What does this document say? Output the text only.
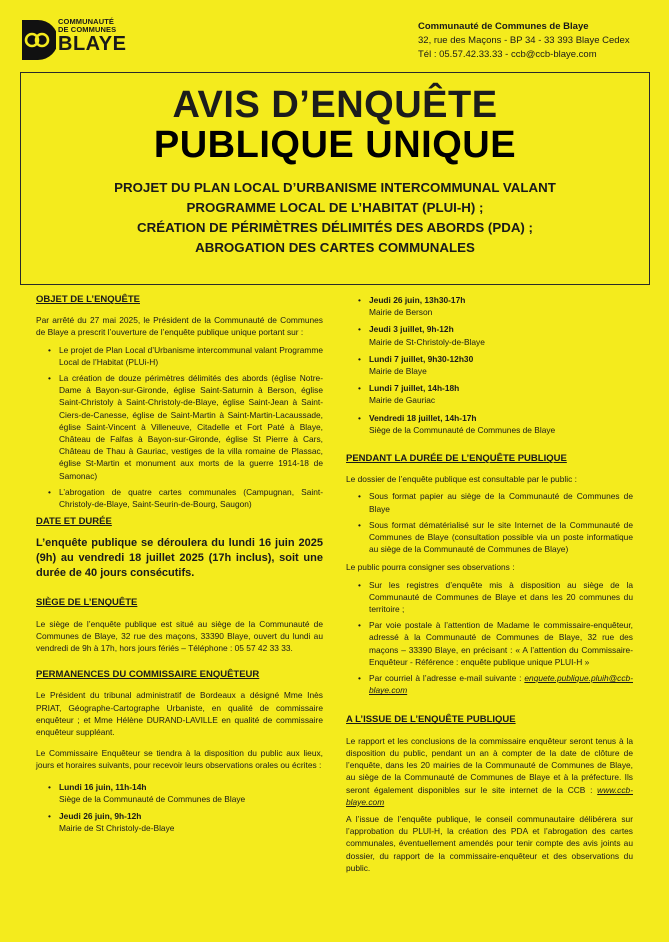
COMMUNAUTÉ
DE COMMUNES
BLAYE
Communauté de Communes de Blaye
32, rue des Maçons - BP 34 - 33 393 Blaye Cedex
Tél : 05.57.42.33.33 - ccb@ccb-blaye.com
AVIS D’ENQUÊTE
PUBLIQUE UNIQUE
PROJET DU PLAN LOCAL D’URBANISME INTERCOMMUNAL VALANT
PROGRAMME LOCAL DE L’HABITAT (PLUI-H) ;
CRÉATION DE PÉRIMÈTRES DÉLIMITÉS DES ABORDS (PDA) ;
ABROGATION DES CARTES COMMUNALES
OBJET DE L’ENQUÊTE
Par arrêté du 27 mai 2025, le Président de la Communauté de Communes de Blaye a prescrit l’ouverture de l’enquête publique unique portant sur :
• Le projet de Plan Local d’Urbanisme intercommunal valant Programme Local de l’Habitat (PLUi-H)
• La création de douze périmètres délimités des abords (église Notre-Dame à Bayon-sur-Gironde, église Saint-Saturnin à Berson, église Saint-Christoly à Saint-Christoly-de-Blaye, église Saint-Jean à Saint-Ciers-de-Canesse, église de Saint-Martin à Saint-Martin-Lacaussade, église Saint-Vincent à Villeneuve, Citadelle et Fort Paté à Blaye, Château de Falfas à Bayon-sur-Gironde, église St Pierre à Cars, Château de Thau à Gauriac, vestiges de la villa romaine de Plassac, église St-Martin et monument aux morts de la guerre 1914-18 de Samonac)
• L’abrogation de quatre cartes communales (Campugnan, Saint-Christoly-de-Blaye, Saint-Seurin-de-Bourg, Saugon)
DATE ET DURÉE
L’enquête publique se déroulera du lundi 16 juin 2025 (9h) au vendredi 18 juillet 2025 (17h inclus), soit une durée de 40 jours consécutifs.
SIÈGE DE L’ENQUÊTE
Le siège de l’enquête publique est situé au siège de la Communauté de Communes de Blaye, 32 rue des maçons, 33390 Blaye, ouvert du lundi au vendredi de 9h à 17h, hors jours fériés – Téléphone : 05 57 42 33 33.
PERMANENCES DU COMMISSAIRE ENQUÊTEUR
Le Président du tribunal administratif de Bordeaux a désigné Mme Inès PRIAT, Géographe-Cartographe Urbaniste, en qualité de commissaire enquêteur ; et Mme Hélène DURAND-LAVILLE en qualité de commissaire enquêteur suppléant.
Le Commissaire Enquêteur se tiendra à la disposition du public aux lieux, jours et horaires suivants, pour recevoir leurs observations orales ou écrites :
• Lundi 16 juin, 11h-14h
Siège de la Communauté de Communes de Blaye
• Jeudi 26 juin, 9h-12h
Mairie de St Christoly-de-Blaye
• Jeudi 26 juin, 13h30-17h
Mairie de Berson
• Jeudi 3 juillet, 9h-12h
Mairie de St-Christoly-de-Blaye
• Lundi 7 juillet, 9h30-12h30
Mairie de Blaye
• Lundi 7 juillet, 14h-18h
Mairie de Gauriac
• Vendredi 18 juillet, 14h-17h
Siège de la Communauté de Communes de Blaye
PENDANT LA DURÉE DE L’ENQUÊTE PUBLIQUE
Le dossier de l’enquête publique est consultable par le public :
• Sous format papier au siège de la Communauté de Communes de Blaye
• Sous format dématérialisé sur le site Internet de la Communauté de Communes de Blaye (consultation possible via un poste informatique au siège de la Communauté de Communes de Blaye)
Le public pourra consigner ses observations :
• Sur les registres d’enquête mis à disposition au siège de la Communauté de Communes de Blaye et dans les 20 communes du territoire ;
• Par voie postale à l’attention de Madame le commissaire-enquêteur, adressé à la Communauté de Communes de Blaye, 32 rue des maçons – 33390 Blaye, en précisant : « A l’attention du Commissaire-Enquêteur - Référence : enquête publique unique PLUI-H »
• Par courriel à l’adresse e-mail suivante : enquete.publique.pluih@ccb-blaye.com
A L’ISSUE DE L’ENQUÊTE PUBLIQUE
Le rapport et les conclusions de la commissaire enquêteur seront tenus à la disposition du public, pendant un an à compter de la date de clôture de l’enquête, dans les 20 mairies de la Communauté de Communes de Blaye, au siège de la Communauté de Communes de Blaye et à la préfecture. Ils seront également disponibles sur le site internet de la CCB : www.ccb-blaye.com
A l’issue de l’enquête publique, le conseil communautaire délibérera sur l’approbation du PLUI-H, la création des PDA et l’abrogation des cartes communales, éventuellement amendés pour tenir compte des avis joints au dossier, du rapport de la commissaire-enquêteur et des observations du public.
